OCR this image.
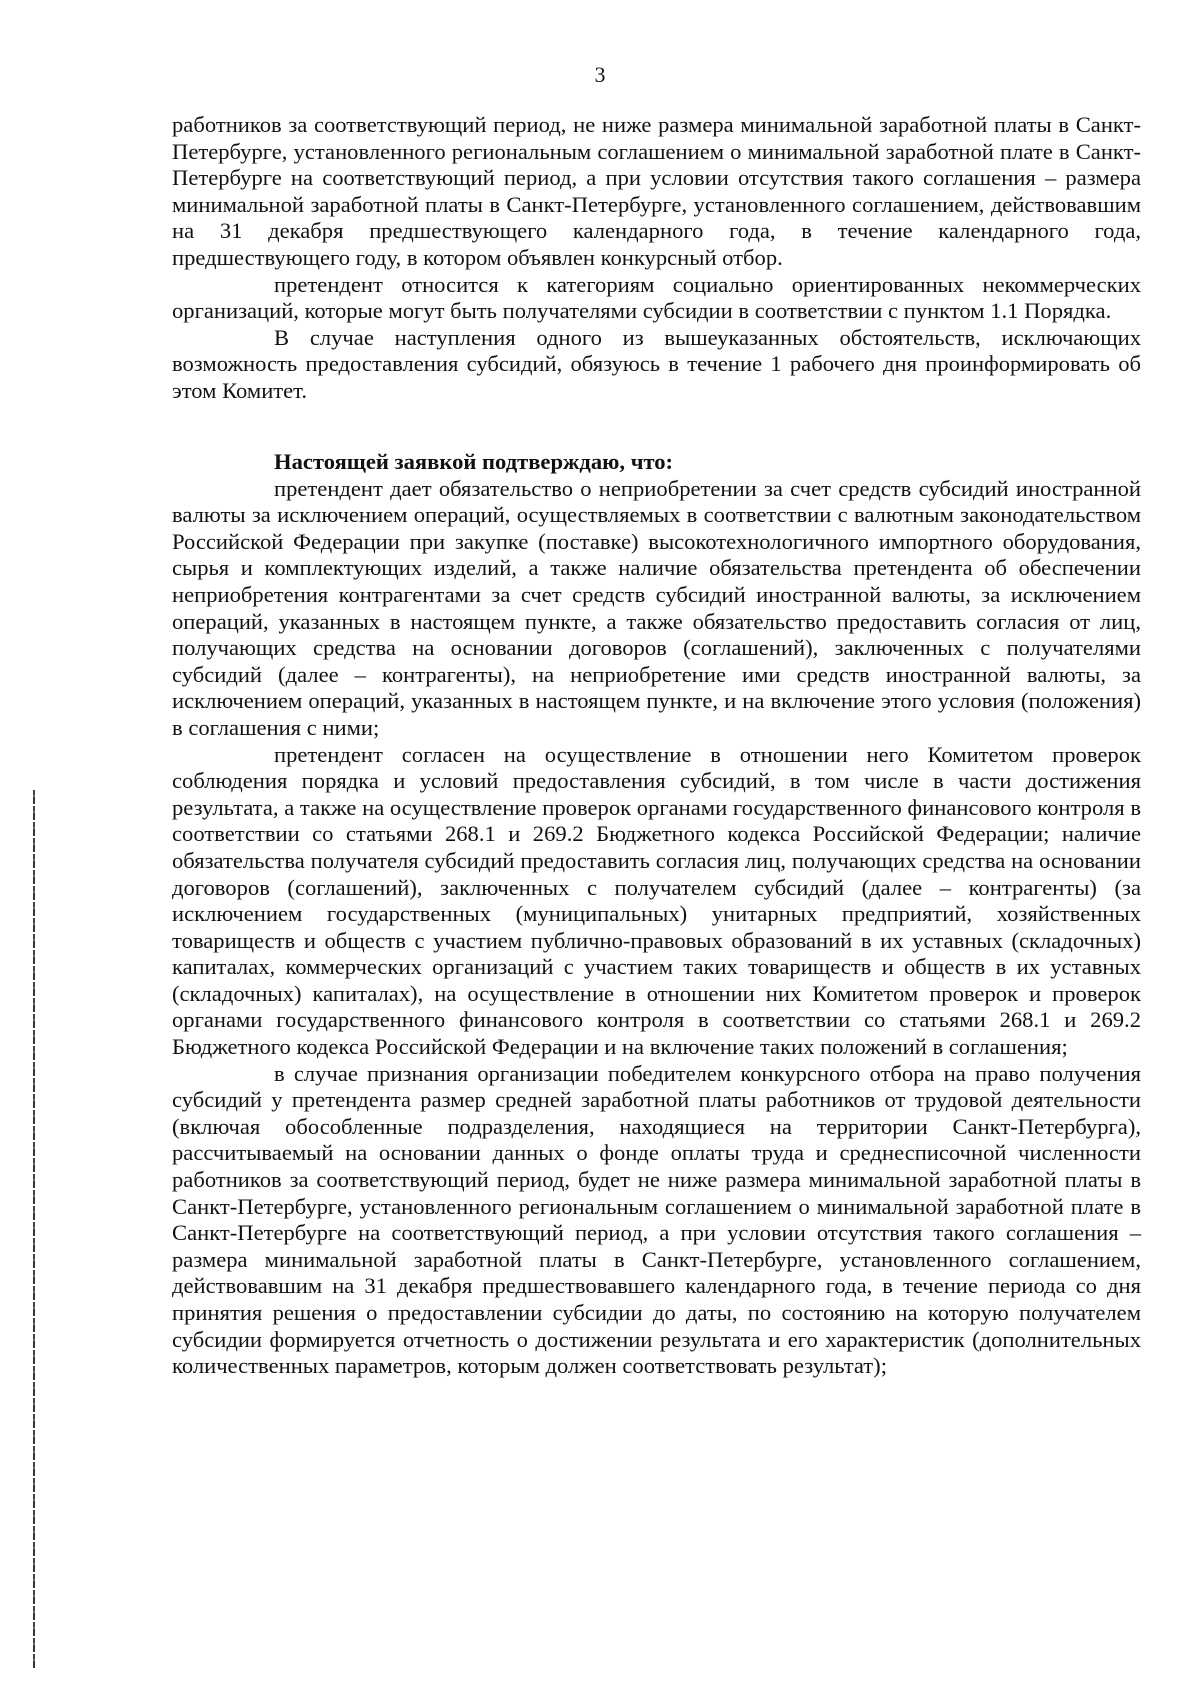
3

работников за соответствующий период, не ниже размера минимальной заработной платы в Санкт-Петербурге, установленного региональным соглашением о минимальной заработной плате в Санкт-Петербурге на соответствующий период, а при условии отсутствия такого соглашения – размера минимальной заработной платы в Санкт-Петербурге, установленного соглашением, действовавшим на 31 декабря предшествующего календарного года, в течение календарного года, предшествующего году, в котором объявлен конкурсный отбор.

претендент относится к категориям социально ориентированных некоммерческих организаций, которые могут быть получателями субсидии в соответствии с пунктом 1.1 Порядка.

В случае наступления одного из вышеуказанных обстоятельств, исключающих возможность предоставления субсидий, обязуюсь в течение 1 рабочего дня проинформировать об этом Комитет.

Настоящей заявкой подтверждаю, что:

претендент дает обязательство о неприобретении за счет средств субсидий иностранной валюты за исключением операций, осуществляемых в соответствии с валютным законодательством Российской Федерации при закупке (поставке) высокотехнологичного импортного оборудования, сырья и комплектующих изделий, а также наличие обязательства претендента об обеспечении неприобретения контрагентами за счет средств субсидий иностранной валюты, за исключением операций, указанных в настоящем пункте, а также обязательство предоставить согласия от лиц, получающих средства на основании договоров (соглашений), заключенных с получателями субсидий (далее – контрагенты), на неприобретение ими средств иностранной валюты, за исключением операций, указанных в настоящем пункте, и на включение этого условия (положения) в соглашения с ними;

претендент согласен на осуществление в отношении него Комитетом проверок соблюдения порядка и условий предоставления субсидий, в том числе в части достижения результата, а также на осуществление проверок органами государственного финансового контроля в соответствии со статьями 268.1 и 269.2 Бюджетного кодекса Российской Федерации; наличие обязательства получателя субсидий предоставить согласия лиц, получающих средства на основании договоров (соглашений), заключенных с получателем субсидий (далее – контрагенты) (за исключением государственных (муниципальных) унитарных предприятий, хозяйственных товариществ и обществ с участием публично-правовых образований в их уставных (складочных) капиталах, коммерческих организаций с участием таких товариществ и обществ в их уставных (складочных) капиталах), на осуществление в отношении них Комитетом проверок и проверок органами государственного финансового контроля в соответствии со статьями 268.1 и 269.2 Бюджетного кодекса Российской Федерации и на включение таких положений в соглашения;

в случае признания организации победителем конкурсного отбора на право получения субсидий у претендента размер средней заработной платы работников от трудовой деятельности (включая обособленные подразделения, находящиеся на территории Санкт-Петербурга), рассчитываемый на основании данных о фонде оплаты труда и среднесписочной численности работников за соответствующий период, будет не ниже размера минимальной заработной платы в Санкт-Петербурге, установленного региональным соглашением о минимальной заработной плате в Санкт-Петербурге на соответствующий период, а при условии отсутствия такого соглашения – размера минимальной заработной платы в Санкт-Петербурге, установленного соглашением, действовавшим на 31 декабря предшествовавшего календарного года, в течение периода со дня принятия решения о предоставлении субсидии до даты, по состоянию на которую получателем субсидии формируется отчетность о достижении результата и его характеристик (дополнительных количественных параметров, которым должен соответствовать результат);
